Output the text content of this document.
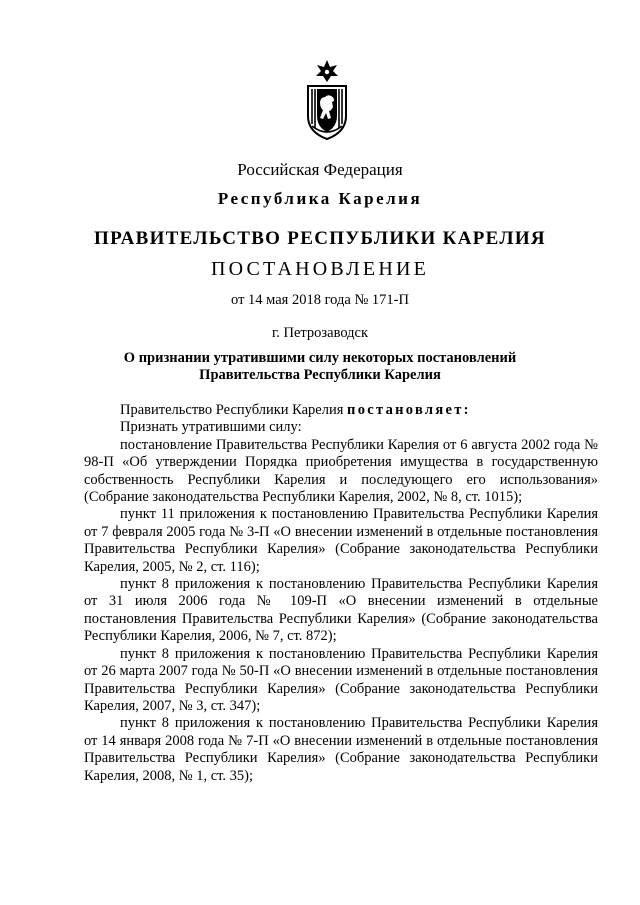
Российская Федерация
Республика Карелия
ПРАВИТЕЛЬСТВО РЕСПУБЛИКИ КАРЕЛИЯ
ПОСТАНОВЛЕНИЕ
от 14 мая 2018 года № 171-П
г. Петрозаводск
О признании утратившими силу некоторых постановлений
Правительства Республики Карелия

Правительство Республики Карелия постановляет:

Признать утратившими силу:

постановление Правительства Республики Карелия от 6 августа 2002 года № 98-П «Об утверждении Порядка приобретения имущества в государственную собственность Республики Карелия и последующего его использования» (Собрание законодательства Республики Карелия, 2002, № 8, ст. 1015);

пункт 11 приложения к постановлению Правительства Республики Карелия от 7 февраля 2005 года № 3-П «О внесении изменений в отдельные постановления Правительства Республики Карелия» (Собрание законодательства Республики Карелия, 2005, № 2, ст. 116);

пункт 8 приложения к постановлению Правительства Республики Карелия от 31 июля 2006 года № 109-П «О внесении изменений в отдельные постановления Правительства Республики Карелия» (Собрание законодательства Республики Карелия, 2006, № 7, ст. 872);

пункт 8 приложения к постановлению Правительства Республики Карелия от 26 марта 2007 года № 50-П «О внесении изменений в отдельные постановления Правительства Республики Карелия» (Собрание законодательства Республики Карелия, 2007, № 3, ст. 347);

пункт 8 приложения к постановлению Правительства Республики Карелия от 14 января 2008 года № 7-П «О внесении изменений в отдельные постановления Правительства Республики Карелия» (Собрание законодательства Республики Карелия, 2008, № 1, ст. 35);
